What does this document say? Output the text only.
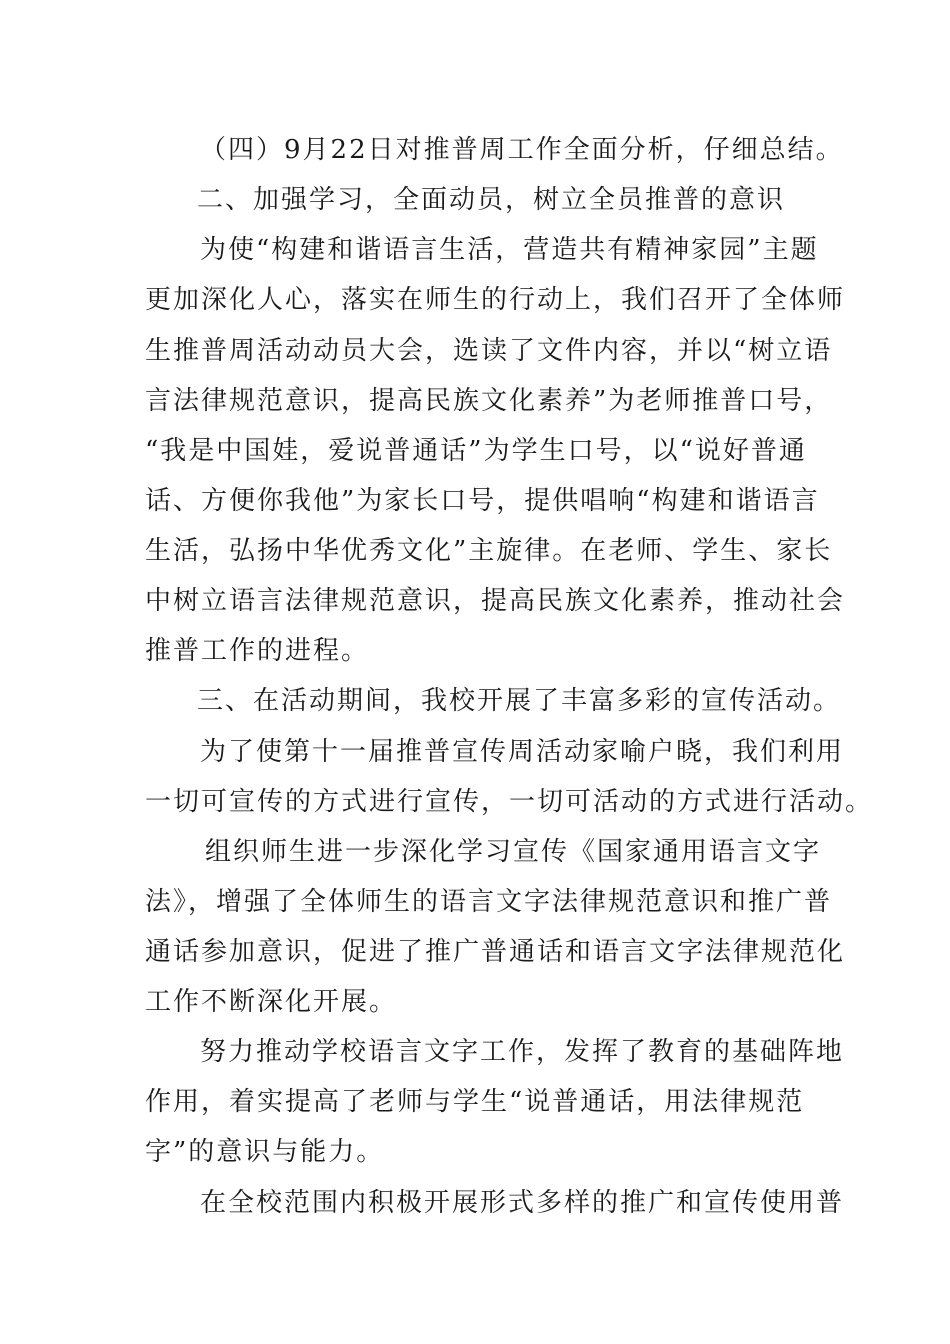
（四）9月22日对推普周工作全面分析，仔细总结。
二、加强学习，全面动员，树立全员推普的意识
为使“构建和谐语言生活，营造共有精神家园”主题
更加深化人心，落实在师生的行动上，我们召开了全体师
生推普周活动动员大会，选读了文件内容，并以“树立语
言法律规范意识，提高民族文化素养”为老师推普口号，
“我是中国娃，爱说普通话”为学生口号，以“说好普通
话、方便你我他”为家长口号，提供唱响“构建和谐语言
生活，弘扬中华优秀文化”主旋律。在老师、学生、家长
中树立语言法律规范意识，提高民族文化素养，推动社会
推普工作的进程。
三、在活动期间，我校开展了丰富多彩的宣传活动。
为了使第十一届推普宣传周活动家喻户晓，我们利用
一切可宣传的方式进行宣传，一切可活动的方式进行活动。
组织师生进一步深化学习宣传《国家通用语言文字
法》，增强了全体师生的语言文字法律规范意识和推广普
通话参加意识，促进了推广普通话和语言文字法律规范化
工作不断深化开展。
努力推动学校语言文字工作，发挥了教育的基础阵地
作用，着实提高了老师与学生“说普通话，用法律规范
字”的意识与能力。
在全校范围内积极开展形式多样的推广和宣传使用普
